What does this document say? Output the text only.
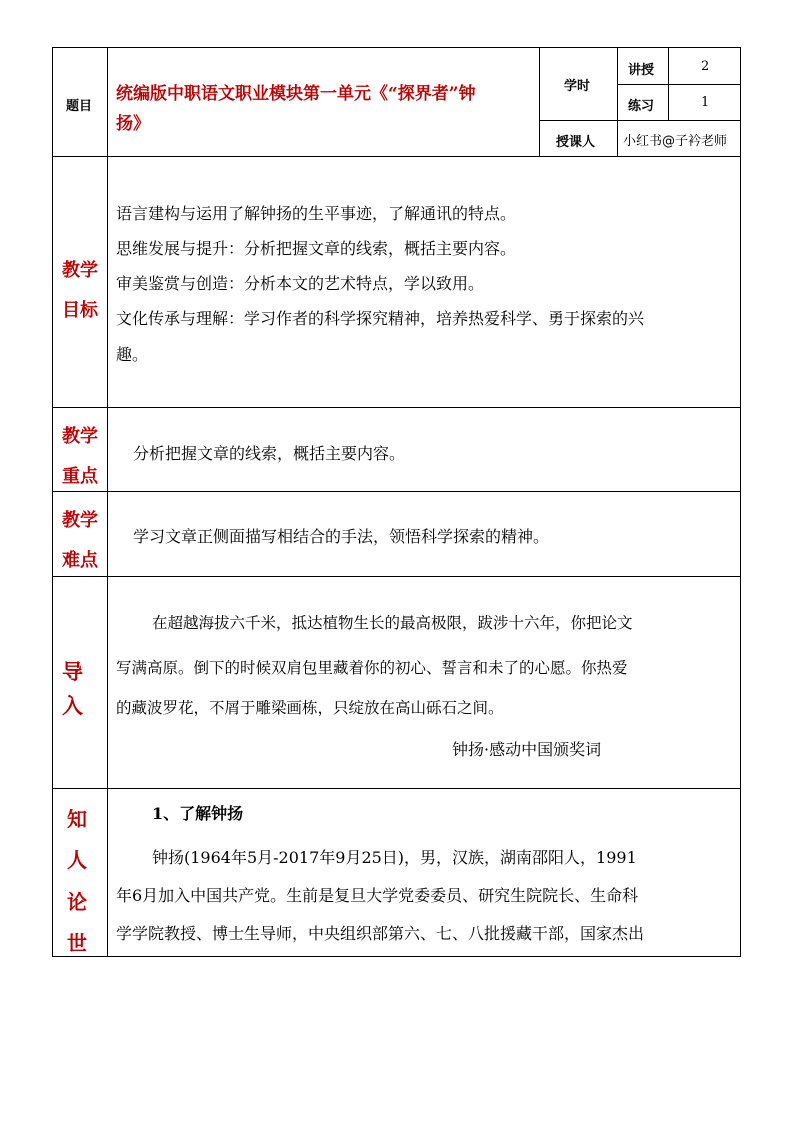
题目
统编版中职语文职业模块第一单元《“探界者”钟
扬》
学时
讲授	2
练习	1
授课人 小红书@子衿老师
教学
目标
语言建构与运用了解钟扬的生平事迹，了解通讯的特点。
思维发展与提升：分析把握文章的线索，概括主要内容。
审美鉴赏与创造：分析本文的艺术特点，学以致用。
文化传承与理解：学习作者的科学探究精神，培养热爱科学、勇于探索的兴
趣。
教学
重点
分析把握文章的线索，概括主要内容。
教学
难点
学习文章正侧面描写相结合的手法，领悟科学探索的精神。
导
入
在超越海拔六千米，抵达植物生长的最高极限，跋涉十六年，你把论文
写满高原。倒下的时候双肩包里藏着你的初心、誓言和未了的心愿。你热爱
的藏波罗花，不屑于雕梁画栋，只绽放在高山砾石之间。
钟扬·感动中国颁奖词
知
人
论
世
1、了解钟扬
钟扬(1964年5月-2017年9月25日)，男，汉族，湖南邵阳人，1991
年6月加入中国共产党。生前是复旦大学党委委员、研究生院院长、生命科
学学院教授、博士生导师，中央组织部第六、七、八批援藏干部，国家杰出
